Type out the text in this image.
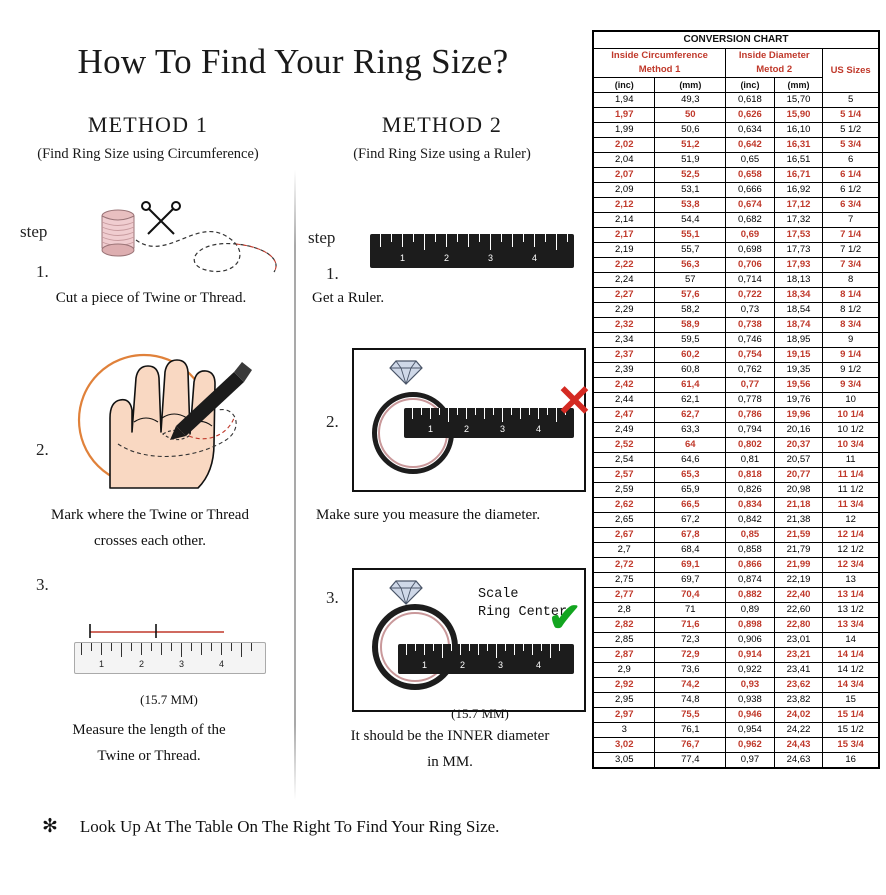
How To Find Your Ring Size?
METHOD 1
(Find Ring Size using Circumference)
step
1.
Cut a piece of Twine or Thread.
2.
Mark where the Twine or Thread
crosses each other.
3.
1	2	3	4
(15.7 MM)
Measure the length of the
Twine or Thread.
METHOD 2
(Find Ring Size using a Ruler)
step
1.
1	2	3	4
Get a Ruler.
2.	1	2	3	4
✕
Make sure you measure the diameter.
3.
1	2	3	4
Scale
Ring Center
✔
(15.7 MM)
It should be the INNER diameter
in MM.
✻ Look Up At The Table On The Right To Find Your Ring Size.
CONVERSION CHART				

Inside Circumference
Method 1

Inside Diameter
Metod 2	US Sizes
(inc)	(mm)	(inc)	(mm)	
1,94	49,3	0,618	15,70	5
1,97	50	0,626	15,90	5 1/4
1,99	50,6	0,634	16,10	5 1/2
2,02	51,2	0,642	16,31	5 3/4
2,04	51,9	0,65	16,51	6
2,07	52,5	0,658	16,71	6 1/4
2,09	53,1	0,666	16,92	6 1/2
2,12	53,8	0,674	17,12	6 3/4
2,14	54,4	0,682	17,32	7
2,17	55,1	0,69	17,53	7 1/4
2,19	55,7	0,698	17,73	7 1/2
2,22	56,3	0,706	17,93	7 3/4
2,24	57	0,714	18,13	8
2,27	57,6	0,722	18,34	8 1/4
2,29	58,2	0,73	18,54	8 1/2
2,32	58,9	0,738	18,74	8 3/4
2,34	59,5	0,746	18,95	9
2,37	60,2	0,754	19,15	9 1/4
2,39	60,8	0,762	19,35	9 1/2
2,42	61,4	0,77	19,56	9 3/4
2,44	62,1	0,778	19,76	10
2,47	62,7	0,786	19,96	10 1/4
2,49	63,3	0,794	20,16	10 1/2
2,52	64	0,802	20,37	10 3/4
2,54	64,6	0,81	20,57	11
2,57	65,3	0,818	20,77	11 1/4
2,59	65,9	0,826	20,98	11 1/2
2,62	66,5	0,834	21,18	11 3/4
2,65	67,2	0,842	21,38	12
2,67	67,8	0,85	21,59	12 1/4
2,7	68,4	0,858	21,79	12 1/2
2,72	69,1	0,866	21,99	12 3/4
2,75	69,7	0,874	22,19	13
2,77	70,4	0,882	22,40	13 1/4
2,8	71	0,89	22,60	13 1/2
2,82	71,6	0,898	22,80	13 3/4
2,85	72,3	0,906	23,01	14
2,87	72,9	0,914	23,21	14 1/4
2,9	73,6	0,922	23,41	14 1/2
2,92	74,2	0,93	23,62	14 3/4
2,95	74,8	0,938	23,82	15
2,97	75,5	0,946	24,02	15 1/4
3	76,1	0,954	24,22	15 1/2
3,02	76,7	0,962	24,43	15 3/4
3,05	77,4	0,97	24,63	16
